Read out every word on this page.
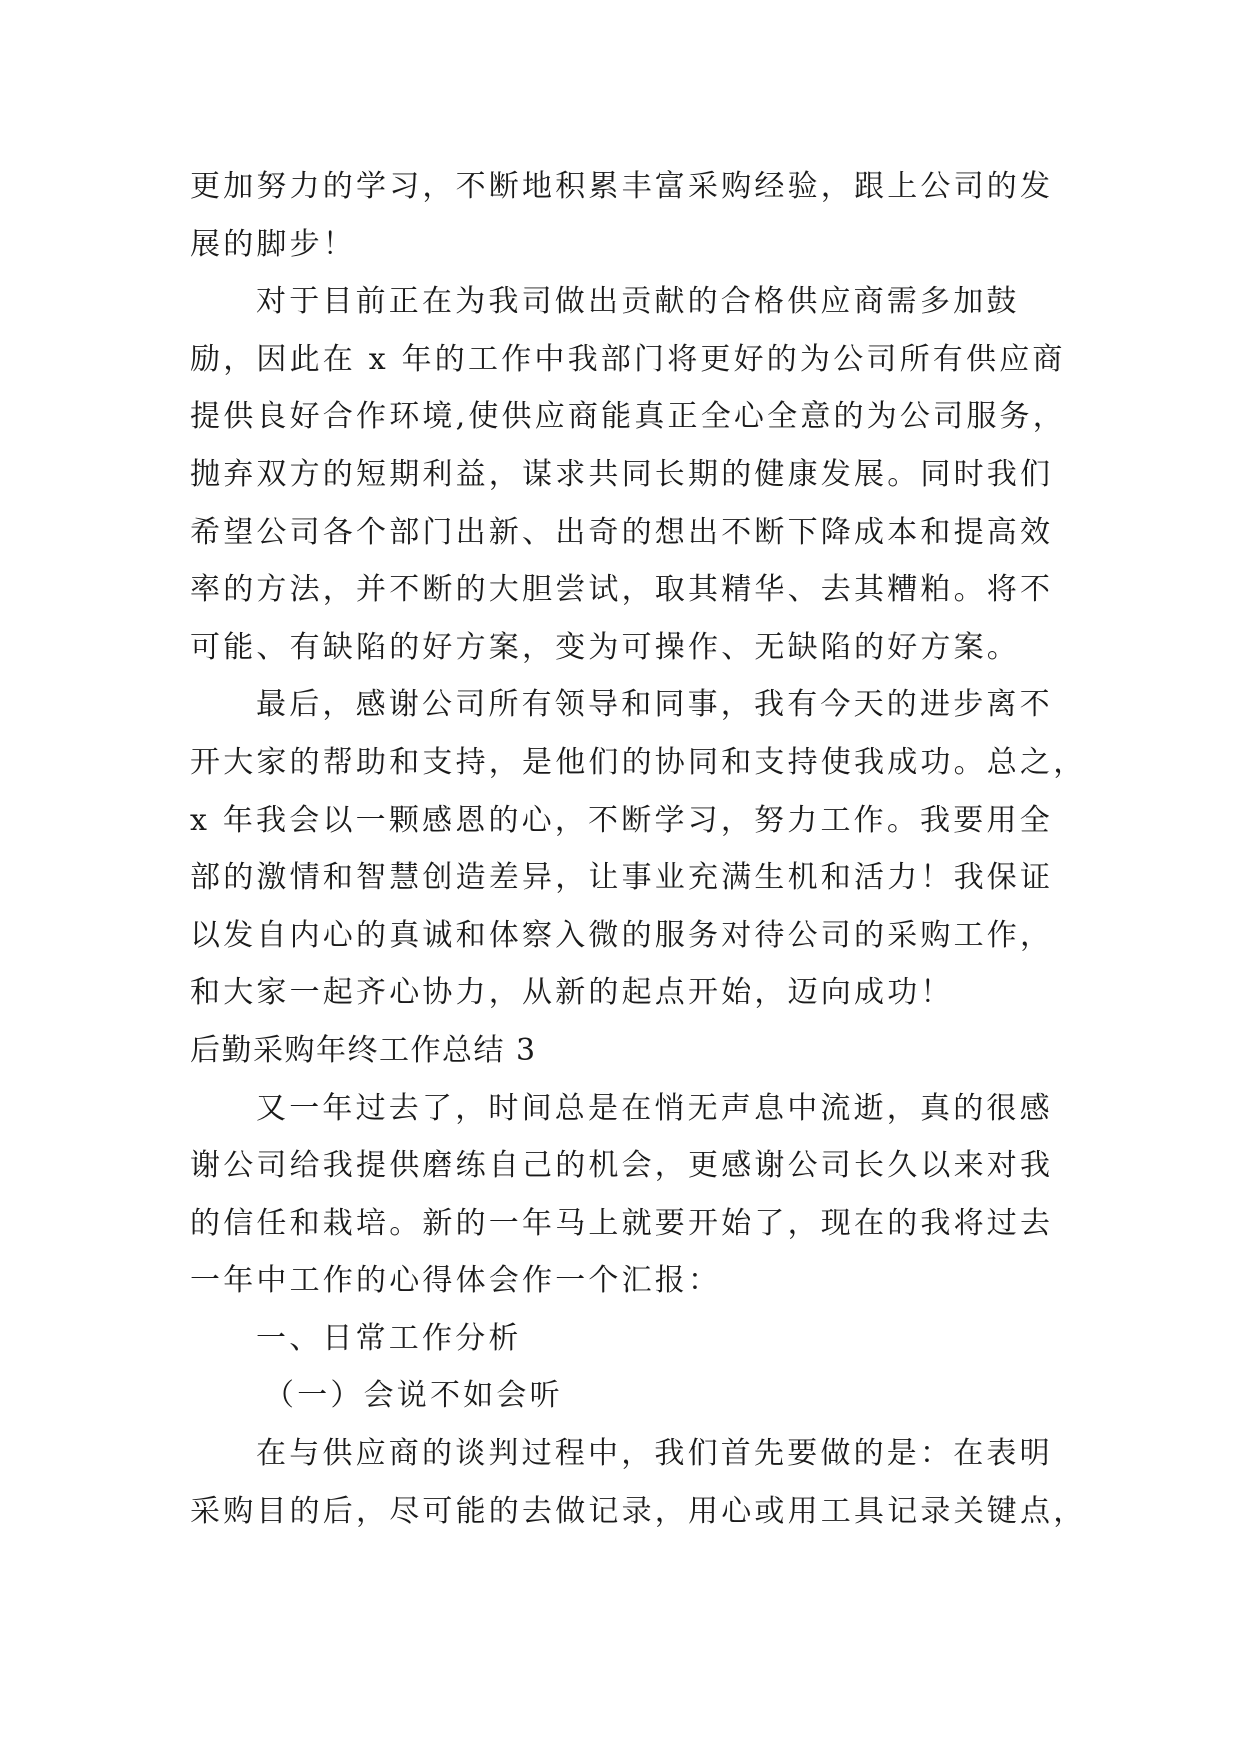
更加努力的学习，不断地积累丰富采购经验，跟上公司的发
展的脚步！
对于目前正在为我司做出贡献的合格供应商需多加鼓
励，因此在 x 年的工作中我部门将更好的为公司所有供应商
提供良好合作环境,使供应商能真正全心全意的为公司服务，
抛弃双方的短期利益，谋求共同长期的健康发展。同时我们
希望公司各个部门出新、出奇的想出不断下降成本和提高效
率的方法，并不断的大胆尝试，取其精华、去其糟粕。将不
可能、有缺陷的好方案，变为可操作、无缺陷的好方案。
最后，感谢公司所有领导和同事，我有今天的进步离不
开大家的帮助和支持，是他们的协同和支持使我成功。总之，
x 年我会以一颗感恩的心，不断学习，努力工作。我要用全
部的激情和智慧创造差异，让事业充满生机和活力！我保证
以发自内心的真诚和体察入微的服务对待公司的采购工作，
和大家一起齐心协力，从新的起点开始，迈向成功！
后勤采购年终工作总结 3
又一年过去了，时间总是在悄无声息中流逝，真的很感
谢公司给我提供磨练自己的机会，更感谢公司长久以来对我
的信任和栽培。新的一年马上就要开始了，现在的我将过去
一年中工作的心得体会作一个汇报：
一、日常工作分析
（一）会说不如会听
在与供应商的谈判过程中，我们首先要做的是：在表明
采购目的后，尽可能的去做记录，用心或用工具记录关键点，
